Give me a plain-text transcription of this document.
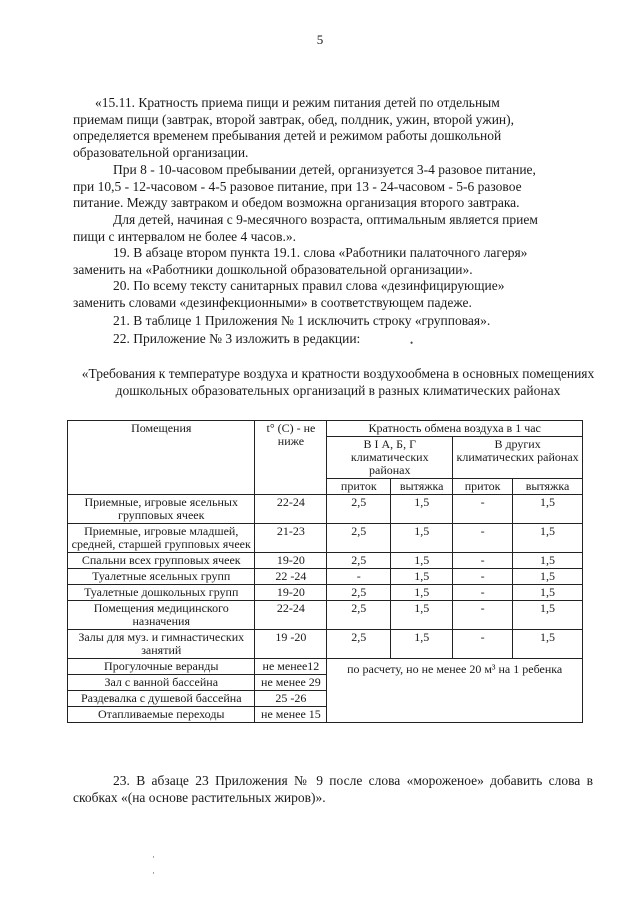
5
«15.11. Кратность приема пищи и режим питания детей по отдельным
приемам пищи (завтрак, второй завтрак, обед, полдник, ужин, второй ужин),
определяется временем пребывания детей и режимом работы дошкольной
образовательной организации.
При 8 - 10-часовом пребывании детей, организуется 3-4 разовое питание,
при 10,5 - 12-часовом - 4-5 разовое питание, при 13 - 24-часовом - 5-6 разовое
питание. Между завтраком и обедом возможна организация второго завтрака.
Для детей, начиная с 9-месячного возраста, оптимальным является прием
пищи с интервалом не более 4 часов.».
19. В абзаце втором пункта 19.1. слова «Работники палаточного лагеря»
заменить на «Работники дошкольной образовательной организации».
20. По всему тексту санитарных правил слова «дезинфицирующие»
заменить словами «дезинфекционными» в соответствующем падеже.
21. В таблице 1 Приложения № 1 исключить строку «групповая».
22. Приложение № 3 изложить в редакции:
«Требования к температуре воздуха и кратности воздухообмена в основных помещениях дошкольных образовательных организаций в разных климатических районах
Помещения	t° (С) - не ниже	Кратность обмена воздуха в 1 час			
		В I А, Б, Г климатических районах		В других климатических районах	
		приток	вытяжка	приток	вытяжка
Приемные, игровые ясельных групповых ячеек	22-24	2,5	1,5	-	1,5
Приемные, игровые младшей, средней, старшей групповых ячеек	21-23	2,5	1,5	-	1,5
Спальни всех групповых ячеек	19-20	2,5	1,5	-	1,5
Туалетные ясельных групп	22 -24	-	1,5	-	1,5
Туалетные дошкольных групп	19-20	2,5	1,5	-	1,5
Помещения медицинского назначения	22-24	2,5	1,5	-	1,5
Залы для муз. и гимнастических занятий	19 -20	2,5	1,5	-	1,5
Прогулочные веранды	не менее12	по расчету, но не менее 20 м³ на 1 ребенка			
Зал с ванной бассейна	не менее 29				
Раздевалка с душевой бассейна	25 -26				
Отапливаемые переходы	не менее 15				
23. В абзаце 23 Приложения № 9 после слова «мороженое» добавить слова в скобках «(на основе растительных жиров)».
•
·
·
